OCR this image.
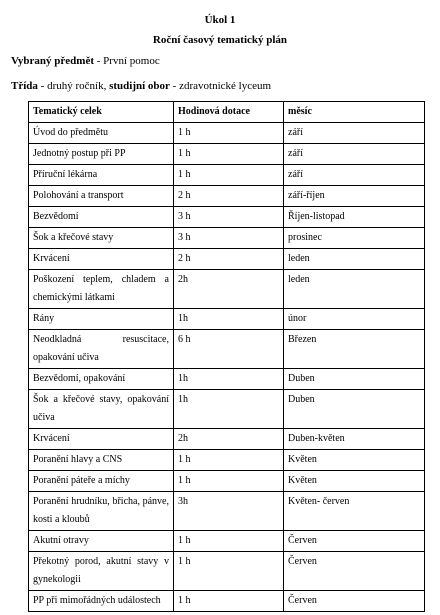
Úkol 1
Roční časový tematický plán
Vybraný předmět - První pomoc
Třída - druhý ročník, studijní obor - zdravotnické lyceum
Tematický celek	Hodinová dotace	měsíc
Úvod do předmětu	1 h	září
Jednotný postup při PP	1 h	září
Příruční lékárna	1 h	září
Polohování a transport	2 h	září-říjen
Bezvědomí	3 h	Říjen-listopad
Šok a křečové stavy	3 h	prosinec
Krvácení	2 h	leden
Poškození teplem, chladem a chemickými látkami	2h	leden
Rány	1h	únor
Neodkladná resuscitace, opakování učiva	6 h	Březen
Bezvědomí, opakování	1h	Duben
Šok a křečové stavy, opakování učiva	1h	Duben
Krvácení	2h	Duben-květen
Poranění hlavy a CNS	1 h	Květen
Poranění páteře a míchy	1 h	Květen
Poranění hrudníku, břicha, pánve, kosti a kloubů	3h	Květen- červen
Akutní otravy	1 h	Červen
Překotný porod, akutní stavy v gynekologii	1 h	Červen
PP při mimořádných událostech	1 h	Červen
